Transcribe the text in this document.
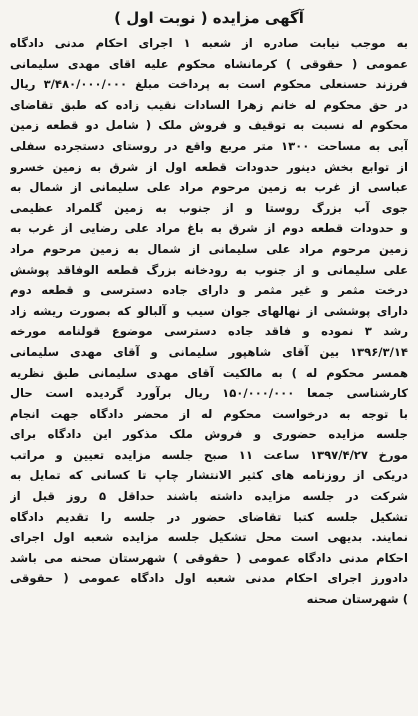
آگهی مزایده ( نوبت اول )
به موجب نیابت صادره از شعبه ۱ اجرای احکام مدنی دادگاه
عمومی ( حقوقی ) کرمانشاه محکوم علیه اقای مهدی سلیمانی
فرزند حسنعلی محکوم است به پرداخت مبلغ ۳/۴۸۰/۰۰۰/۰۰۰ ریال
در حق محکوم له خانم زهرا السادات نقیب زاده که طبق تقاضای
محکوم له نسبت به توقیف و فروش ملک ( شامل دو قطعه زمین
آبی به مساحت ۱۳۰۰ متر مربع واقع در روستای دستجرده سفلی
از توابع بخش دینور حدودات قطعه اول از شرق به زمین خسرو
عباسی از غرب به زمین مرحوم مراد علی سلیمانی از شمال به
جوی آب بزرگ روستا و از جنوب به زمین گلمراد عظیمی
و حدودات قطعه دوم از شرق به باغ مراد علی رضایی از غرب به
زمین مرحوم مراد علی سلیمانی از شمال به زمین مرحوم مراد
علی سلیمانی و از جنوب به رودخانه بزرگ قطعه الوفاقد پوشش
درخت مثمر و غیر مثمر و دارای جاده دسترسی و قطعه دوم
دارای پوششی از نهالهای جوان سیب و آلبالو که بصورت ریشه زاد
رشد ۳ نموده و فاقد جاده دسترسی موضوع قولنامه مورخه
۱۳۹۶/۳/۱۴ بین آقای شاهپور سلیمانی و آقای مهدی سلیمانی
همسر محکوم له ) به مالکیت آقای مهدی سلیمانی طبق نظریه
کارشناسی جمعا ۱۵۰/۰۰۰/۰۰۰ ریال برآورد گردیده است حال
با توجه به درخواست محکوم له از محضر دادگاه جهت انجام
جلسه مزایده حضوری و فروش ملک مذکور این دادگاه برای
مورخ ۱۳۹۷/۴/۲۷ ساعت ۱۱ صبح جلسه مزایده تعیین و مراتب
دریکی از روزنامه های کثیر الانتشار چاپ تا کسانی که تمایل به
شرکت در جلسه مزایده داشته باشند حداقل ۵ روز قبل از
تشکیل جلسه کتبا تقاضای حضور در جلسه را تقدیم دادگاه
نمایند. بدیهی است محل تشکیل جلسه مزایده شعبه اول اجرای
احکام مدنی دادگاه عمومی ( حقوقی ) شهرستان صحنه می باشد
دادورز اجرای احکام مدنی شعبه اول دادگاه عمومی ( حقوقی
) شهرستان صحنه
